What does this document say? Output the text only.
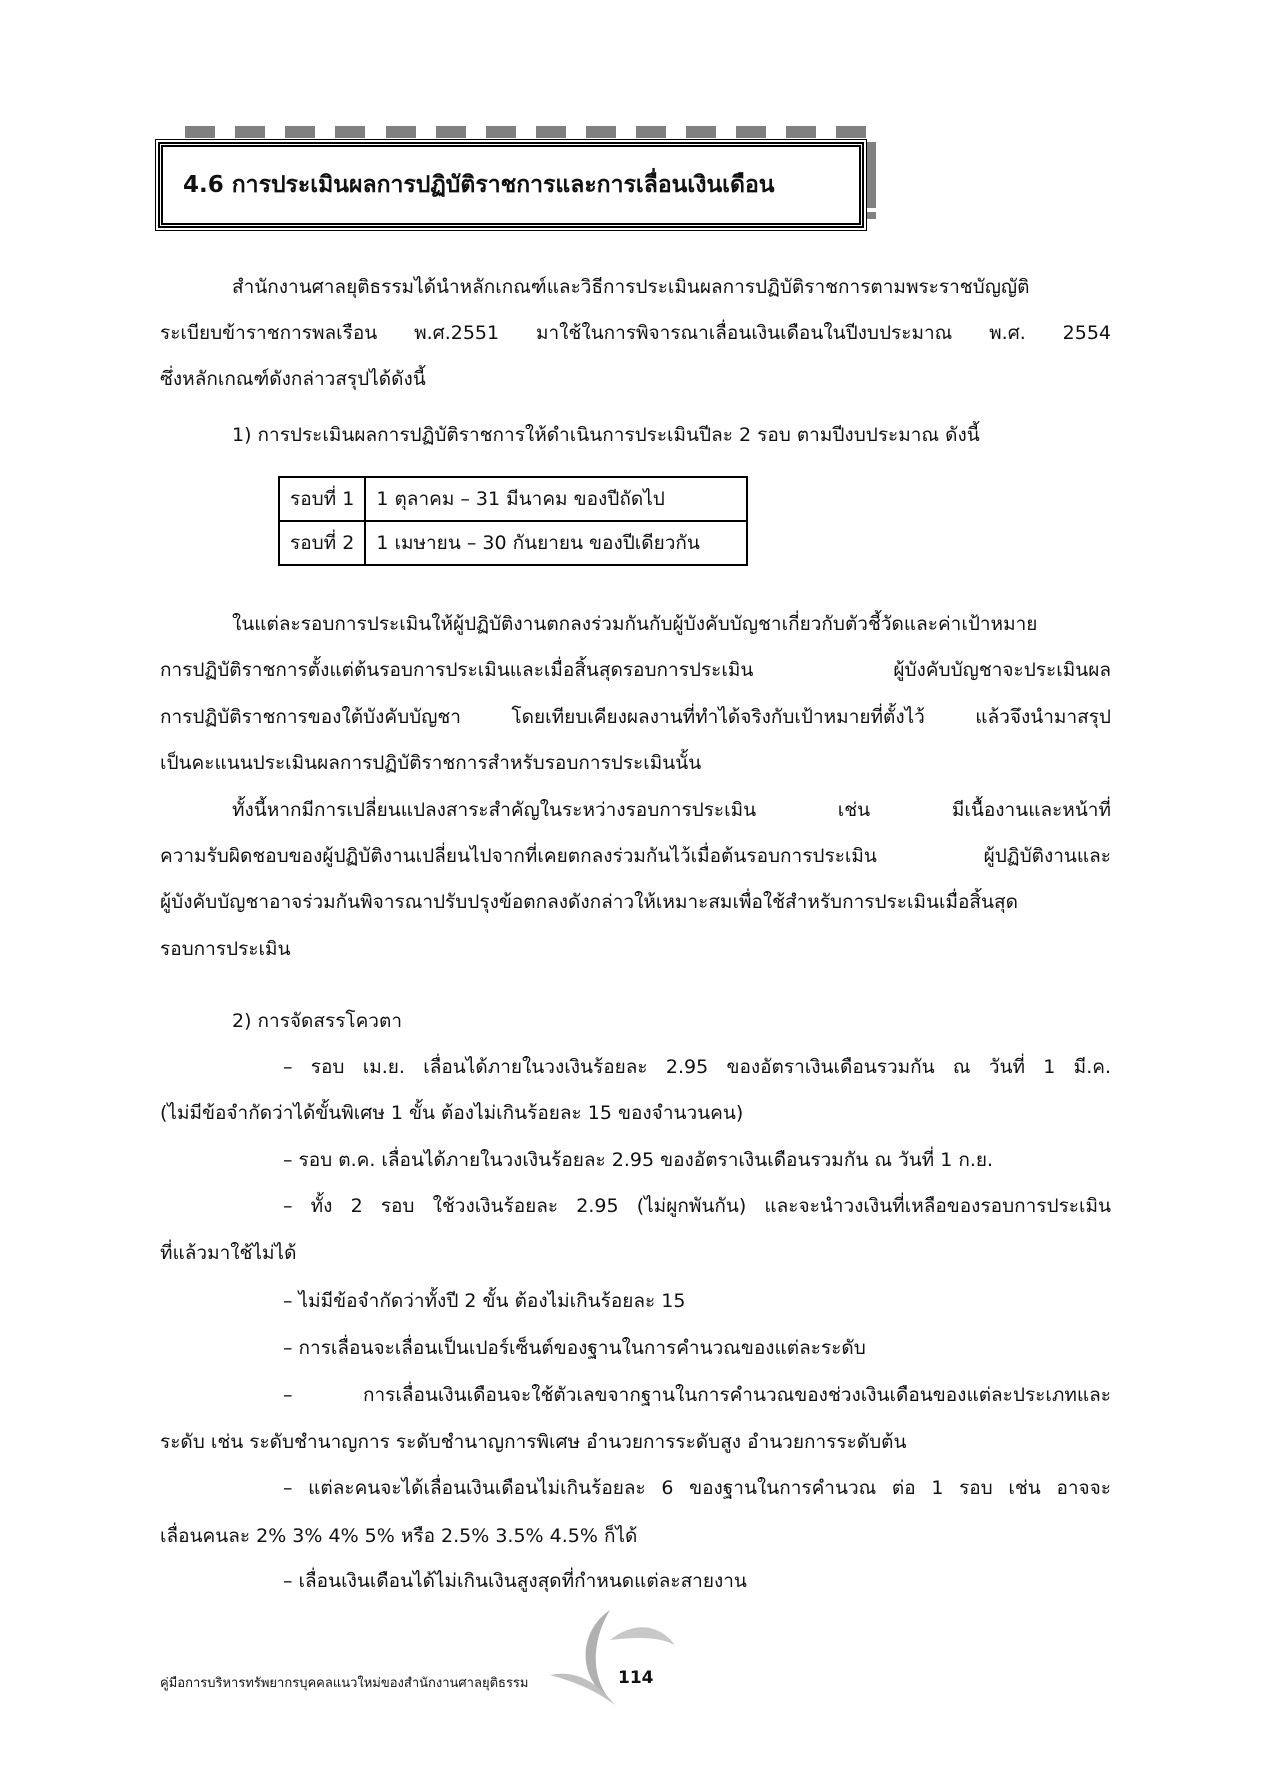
4.6 การประเมินผลการปฏิบัติราชการและการเลื่อนเงินเดือน
สำนักงานศาลยุติธรรมได้นำหลักเกณฑ์และวิธีการประเมินผลการปฏิบัติราชการตามพระราชบัญญัติ
ระเบียบข้าราชการพลเรือน พ.ศ.2551 มาใช้ในการพิจารณาเลื่อนเงินเดือนในปีงบประมาณ พ.ศ. 2554
ซึ่งหลักเกณฑ์ดังกล่าวสรุปได้ดังนี้
1) การประเมินผลการปฏิบัติราชการให้ดำเนินการประเมินปีละ 2 รอบ ตามปีงบประมาณ ดังนี้
รอบที่ 1	1 ตุลาคม – 31 มีนาคม ของปีถัดไป
รอบที่ 2	1 เมษายน – 30 กันยายน ของปีเดียวกัน
ในแต่ละรอบการประเมินให้ผู้ปฏิบัติงานตกลงร่วมกันกับผู้บังคับบัญชาเกี่ยวกับตัวชี้วัดและค่าเป้าหมาย
การปฏิบัติราชการตั้งแต่ต้นรอบการประเมินและเมื่อสิ้นสุดรอบการประเมิน ผู้บังคับบัญชาจะประเมินผล
การปฏิบัติราชการของใต้บังคับบัญชา โดยเทียบเคียงผลงานที่ทำได้จริงกับเป้าหมายที่ตั้งไว้ แล้วจึงนำมาสรุป
เป็นคะแนนประเมินผลการปฏิบัติราชการสำหรับรอบการประเมินนั้น
ทั้งนี้หากมีการเปลี่ยนแปลงสาระสำคัญในระหว่างรอบการประเมิน เช่น มีเนื้องานและหน้าที่
ความรับผิดชอบของผู้ปฏิบัติงานเปลี่ยนไปจากที่เคยตกลงร่วมกันไว้เมื่อต้นรอบการประเมิน ผู้ปฏิบัติงานและ
ผู้บังคับบัญชาอาจร่วมกันพิจารณาปรับปรุงข้อตกลงดังกล่าวให้เหมาะสมเพื่อใช้สำหรับการประเมินเมื่อสิ้นสุด
รอบการประเมิน
2) การจัดสรรโควตา
– รอบ เม.ย. เลื่อนได้ภายในวงเงินร้อยละ 2.95 ของอัตราเงินเดือนรวมกัน ณ วันที่ 1 มี.ค.
(ไม่มีข้อจำกัดว่าได้ขั้นพิเศษ 1 ขั้น ต้องไม่เกินร้อยละ 15 ของจำนวนคน)
– รอบ ต.ค. เลื่อนได้ภายในวงเงินร้อยละ 2.95 ของอัตราเงินเดือนรวมกัน ณ วันที่ 1 ก.ย.
– ทั้ง 2 รอบ ใช้วงเงินร้อยละ 2.95 (ไม่ผูกพันกัน) และจะนำวงเงินที่เหลือของรอบการประเมิน
ที่แล้วมาใช้ไม่ได้
– ไม่มีข้อจำกัดว่าทั้งปี 2 ขั้น ต้องไม่เกินร้อยละ 15
– การเลื่อนจะเลื่อนเป็นเปอร์เซ็นต์ของฐานในการคำนวณของแต่ละระดับ
– การเลื่อนเงินเดือนจะใช้ตัวเลขจากฐานในการคำนวณของช่วงเงินเดือนของแต่ละประเภทและ
ระดับ เช่น ระดับชำนาญการ ระดับชำนาญการพิเศษ อำนวยการระดับสูง อำนวยการระดับต้น
– แต่ละคนจะได้เลื่อนเงินเดือนไม่เกินร้อยละ 6 ของฐานในการคำนวณ ต่อ 1 รอบ เช่น อาจจะ
เลื่อนคนละ 2% 3% 4% 5% หรือ 2.5% 3.5% 4.5% ก็ได้
– เลื่อนเงินเดือนได้ไม่เกินเงินสูงสุดที่กำหนดแต่ละสายงาน
คู่มือการบริหารทรัพยากรบุคคลแนวใหม่ของสำนักงานศาลยุติธรรม	114
